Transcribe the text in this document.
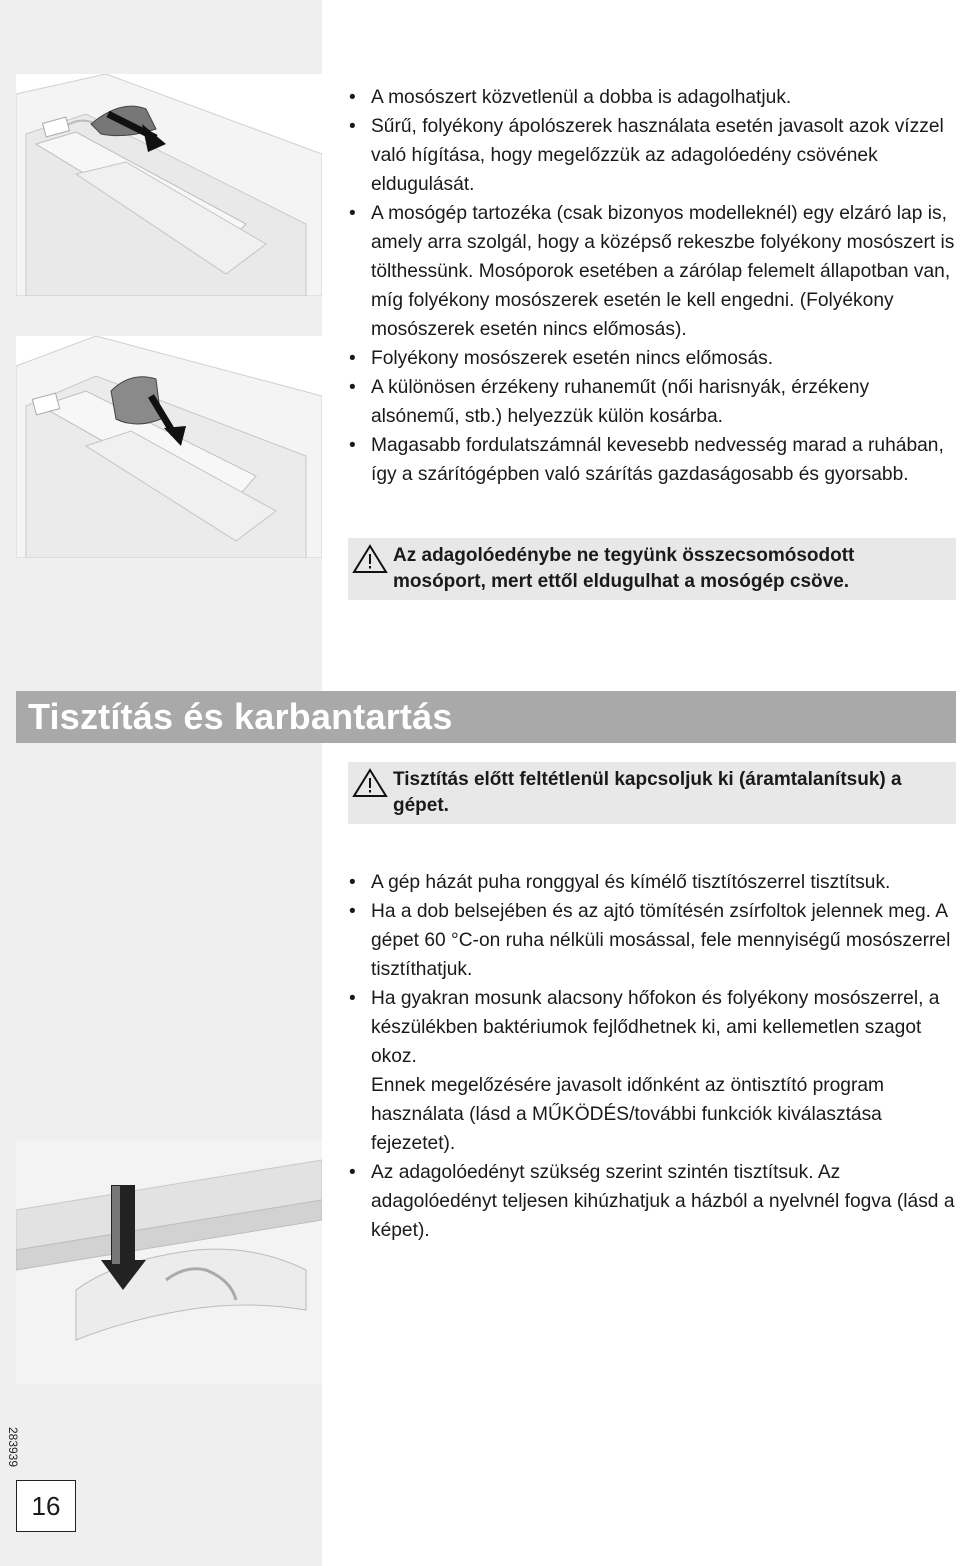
• A mosószert közvetlenül a dobba is adagolhatjuk.

• Sűrű, folyékony ápolószerek használata esetén javasolt azok vízzel való hígítása, hogy megelőzzük az adagolóedény csövének eldugulását.

• A mosógép tartozéka (csak bizonyos modelleknél) egy elzáró lap is, amely arra szolgál, hogy a középső rekeszbe folyékony mosószert is tölthessünk. Mosóporok esetében a zárólap felemelt állapotban van, míg folyékony mosószerek esetén le kell engedni. (Folyékony mosószerek esetén nincs előmosás).

• Folyékony mosószerek esetén nincs előmosás.

• A különösen érzékeny ruhaneműt (női harisnyák, érzékeny alsónemű, stb.) helyezzük külön kosárba.

• Magasabb fordulatszámnál kevesebb nedvesség marad a ruhában, így a szárítógépben való szárítás gazdaságosabb és gyorsabb.

Az adagolóedénybe ne tegyünk összecsomósodott mosóport, mert ettől eldugulhat a mosógép csöve.
Tisztítás és karbantartás
Tisztítás előtt feltétlenül kapcsoljuk ki (áramtalanítsuk) a gépet.
• A gép házát puha ronggyal és kímélő tisztítószerrel tisztítsuk.

• Ha a dob belsejében és az ajtó tömítésén zsírfoltok jelennek meg. A gépet 60 °C-on ruha nélküli mosással, fele mennyiségű mosószerrel tisztíthatjuk.

• Ha gyakran mosunk alacsony hőfokon és folyékony mosószerrel, a készülékben baktériumok fejlődhetnek ki, ami kellemetlen szagot okoz.

Ennek megelőzésére javasolt időnként az öntisztító program használata (lásd a MŰKÖDÉS/további funkciók kiválasztása fejezetet).

• Az adagolóedényt szükség szerint szintén tisztítsuk. Az adagolóedényt teljesen kihúzhatjuk a házból a nyelvnél fogva (lásd a képet).

283939
16
